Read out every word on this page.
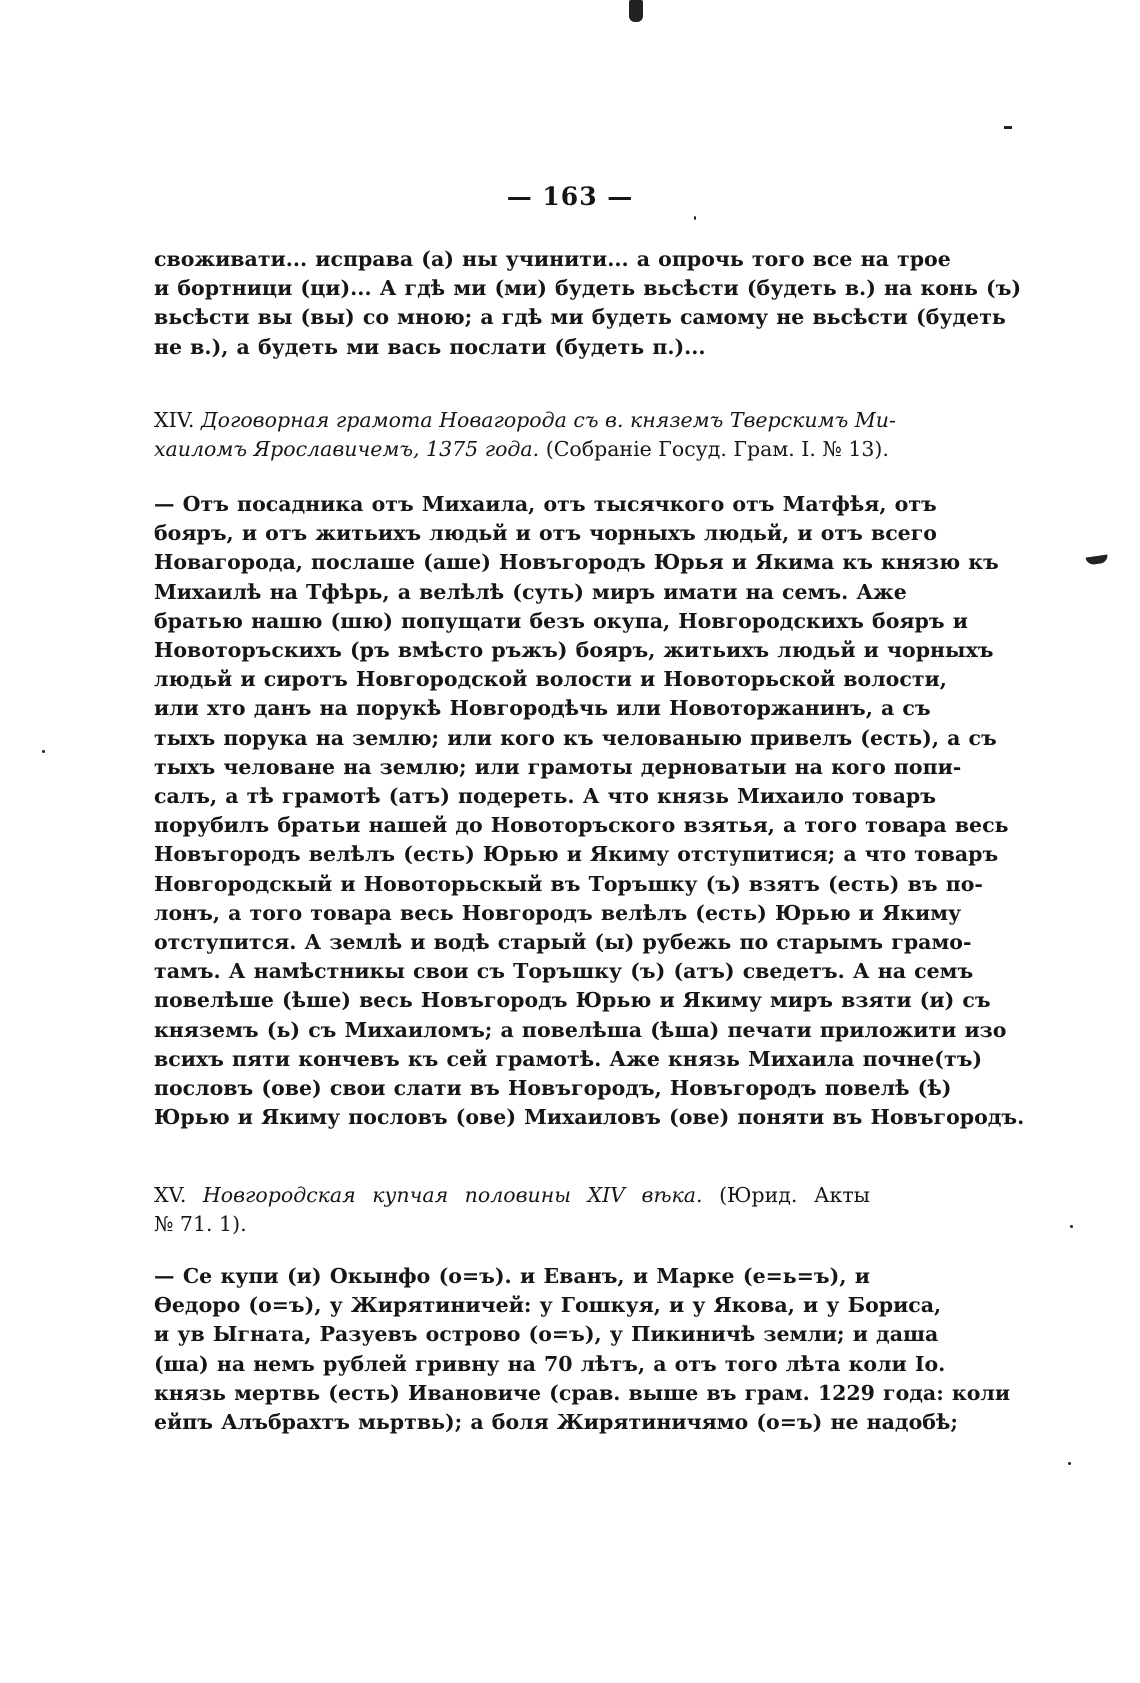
— 163 —
своживати... исправа (а) ны учинити... а опрочь того все на трое
и бортници (ци)... А гдѣ ми (ми) будеть вьсѣсти (будеть в.) на конь (ъ)
вьсѣсти вы (вы) со мною; а гдѣ ми будеть самому не вьсѣсти (будеть
не в.), а будеть ми вась послати (будеть п.)...
XIV. Договорная грамота Новагорода съ в. княземъ Тверскимъ Ми-
хаиломъ Ярославичемъ, 1375 года. (Собраніе Госуд. Грам. I. № 13).
— Отъ посадника отъ Михаила, отъ тысячкого отъ Матфѣя, отъ
бояръ, и отъ житьихъ людьй и отъ чорныхъ людьй, и отъ всего
Новагорода, послаше (аше) Новъгородъ Юрья и Якима къ князю къ
Михаилѣ на Тфѣрь, а велѣлѣ (суть) миръ имати на семъ. Аже
братью нашю (шю) попущати безъ окупа, Новгородскихъ бояръ и
Новоторъскихъ (ръ вмѣсто ръжъ) бояръ, житьихъ людьй и чорныхъ
людьй и сиротъ Новгородской волости и Новоторьской волости,
или хто данъ на порукѣ Новгородѣчь или Новоторжанинъ, а съ
тыхъ порука на землю; или кого къ челованыю привелъ (есть), а съ
тыхъ человане на землю; или грамоты дерноватыи на кого попи-
салъ, а тѣ грамотѣ (атъ) подереть. А что князь Михаило товаръ
порубилъ братьи нашей до Новоторъского взятья, а того товара весь
Новъгородъ велѣлъ (есть) Юрью и Якиму отступитися; а что товаръ
Новгородскый и Новоторьскый въ Торъшку (ъ) взятъ (есть) въ по-
лонъ, а того товара весь Новгородъ велѣлъ (есть) Юрью и Якиму
отступится. А землѣ и водѣ старый (ы) рубежь по старымъ грамо-
тамъ. А намѣстникы свои съ Торъшку (ъ) (атъ) сведетъ. А на семъ
повелѣше (ѣше) весь Новъгородъ Юрью и Якиму миръ взяти (и) съ
княземъ (ь) съ Михаиломъ; а повелѣша (ѣша) печати приложити изо
всихъ пяти кончевъ къ сей грамотѣ. Аже князь Михаила почне(тъ)
пословъ (ове) свои слати въ Новъгородъ, Новъгородъ повелѣ (ѣ)
Юрью и Якиму пословъ (ове) Михаиловъ (ове) поняти въ Новъгородъ.
XV. Новгородская купчая половины XIV вѣка. (Юрид. Акты
№ 71. 1).
— Се купи (и) Окынфо (о=ъ). и Еванъ, и Марке (е=ь=ъ), и
Өедоро (о=ъ), у Жирятиничей: у Гошкуя, и у Якова, и у Бориса,
и ув Ыгната, Разуевъ острово (о=ъ), у Пикиничѣ земли; и даша
(ша) на немъ рублей гривну на 70 лѣтъ, а отъ того лѣта коли Іо.
князь мертвь (есть) Ивановиче (срав. выше въ грам. 1229 года: коли
ейпъ Алъбрахтъ мьртвь); а боля Жирятиничямо (о=ъ) не надобѣ;
